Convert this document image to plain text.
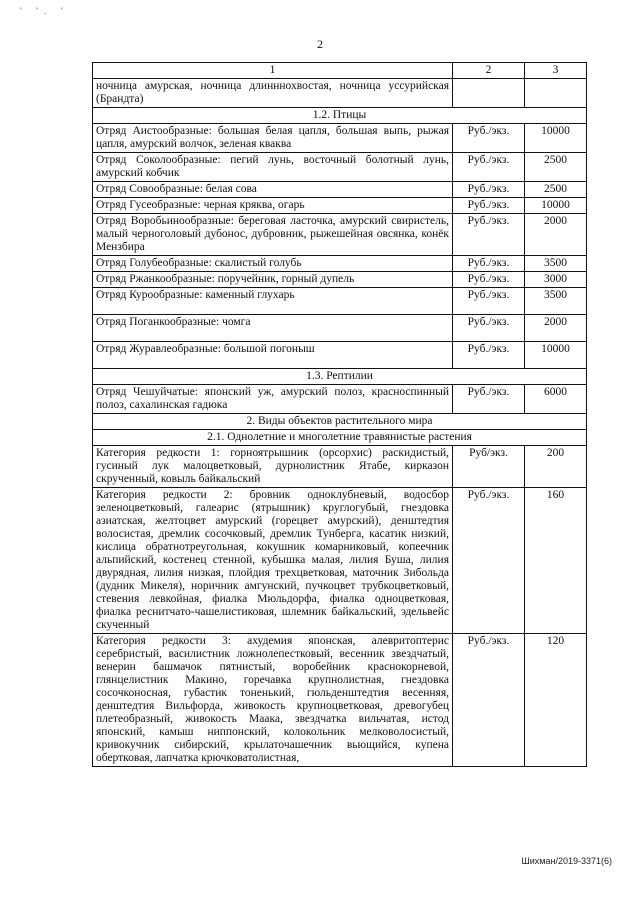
' '. '
2
1	2	3
ночница амурская, ночница длинннохвостая, ночница уссурийская (Брандта)		
1.2. Птицы		
Отряд Аистообразные: большая белая цапля, большая выпь, рыжая цапля, амурский волчок, зеленая кваква	Руб./экз.	10000
Отряд Соколообразные: пегий лунь, восточный болотный лунь, амурский кобчик	Руб./экз.	2500
Отряд Совообразные: белая сова	Руб./экз.	2500
Отряд Гусеобразные: черная кряква, огарь	Руб./экз.	10000
Отряд Воробьинообразные: береговая ласточка, амурский свиристель, малый черноголовый дубонос, дубровник, рыжешейная овсянка, конёк Мензбира	Руб./экз.	2000
Отряд Голубеобразные: скалистый голубь	Руб./экз.	3500
Отряд Ржанкообразные: поручейник, горный дупель	Руб./экз.	3000
Отряд Курообразные: каменный глухарь	Руб./экз.	3500
Отряд Поганкообразные: чомга	Руб./экз.	2000
Отряд Журавлеобразные: большой погоныш	Руб./экз.	10000
1.3. Рептилии		
Отряд Чешуйчатые: японский уж, амурский полоз, красноспинный полоз, сахалинская гадюка	Руб./экз.	6000
2. Виды объектов растительного мира		
2.1. Однолетние и многолетние травянистые растения		
Категория редкости 1: горноятрышник (орсорхис) раскидистый, гусиный лук малоцветковый, дурнолистник Ятабе, кирказон скрученный, ковыль байкальский	Руб/экз.	200
Категория редкости 2: бровник одноклубневый, водосбор зеленоцветковый, галеарис (ятрышник) круглогубый, гнездовка азиатская, желтоцвет амурский (горецвет амурский), денштедтия волосистая, дремлик сосочковый, дремлик Тунберга, касатик низкий, кислица обратнотреугольная, кокушник комарниковый, копеечник альпийский, костенец стенной, кубышка малая, лилия Буша, лилия двурядная, лилия низкая, плойдия трехцветковая, маточник Зибольда (дудник Микеля), норичник амгунский, пучкоцвет трубкоцветковый, стевения левкойная, фиалка Мюльдорфа, фиалка одноцветковая, фиалка реснитчато-чашелистиковая, шлемник байкальский, эдельвейс скученный	Руб./экз.	160
Категория редкости 3: ахудемия японская, алевритоптерис серебристый, василистник ложнолепестковый, весенник звездчатый, венерин башмачок пятнистый, воробейник краснокорневой, глянцелистник Макино, горечавка крупнолистная, гнездовка сосочконосная, губастик тоненький, гюльденштедтия весенняя, денштедтия Вильфорда, живокость крупноцветковая, древогубец плетеобразный, живокость Маака, звездчатка вильчатая, истод японский, камыш ниппонский, колокольник мелковолосистый, кривокучник сибирский, крылаточашечник вьющийся, купена обертковая, лапчатка крючковатолистная,	Руб./экз.	120
Шихман/2019-3371(6)
